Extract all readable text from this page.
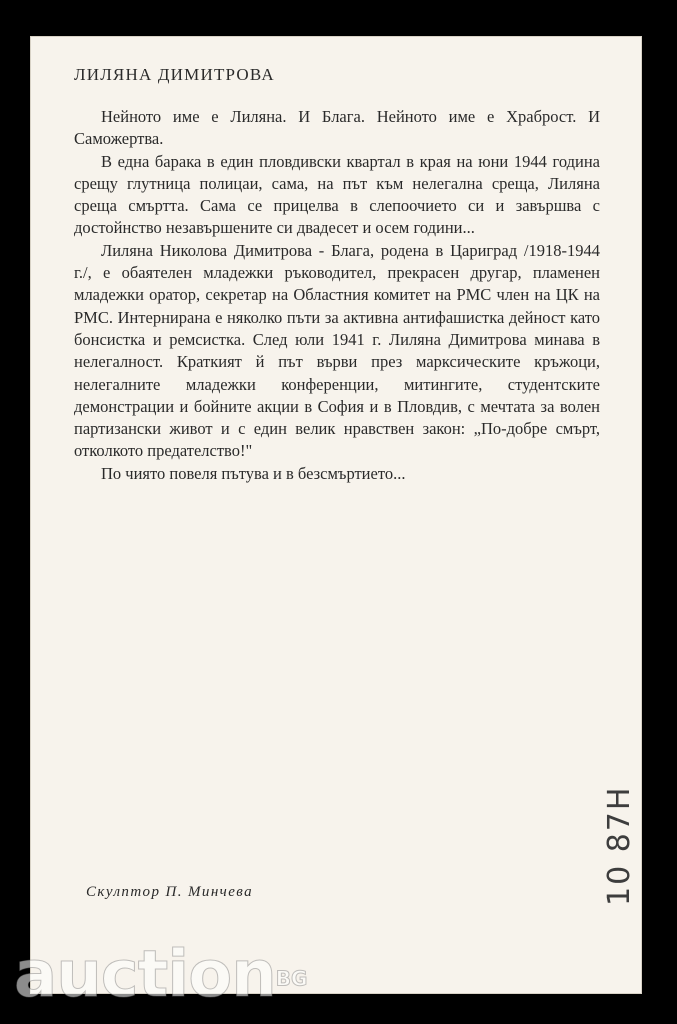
ЛИЛЯНА ДИМИТРОВА

Нейното име е Лиляна. И Блага. Нейното име е Храброст. И Саможертва.

В една барака в един пловдивски квартал в края на юни 1944 година срещу глутница полицаи, сама, на път към нелегална среща, Лиляна среща смъртта. Сама се прицелва в слепоочието си и завършва с достойнство незавършените си двадесет и осем години...

Лиляна Николова Димитрова - Блага, родена в Цариград /1918-1944 г./, е обаятелен младежки ръководител, прекрасен другар, пламенен младежки оратор, секретар на Областния комитет на РМС член на ЦК на РМС. Интернирана е няколко пъти за активна антифашистка дейност като бонсистка и ремсистка. След юли 1941 г. Лиляна Димитрова минава в нелегалност. Краткият й път върви през марксическите кръжоци, нелегалните младежки конференции, митингите, студентските демонстрации и бойните акции в София и в Пловдив, с мечтата за волен партизански живот и с един велик нравствен закон: „По-добре смърт, отколкото предателство!"

По чиято повеля пътува и в безсмъртието...

Скулптор П. Минчева	10 87Н
auctionBG
